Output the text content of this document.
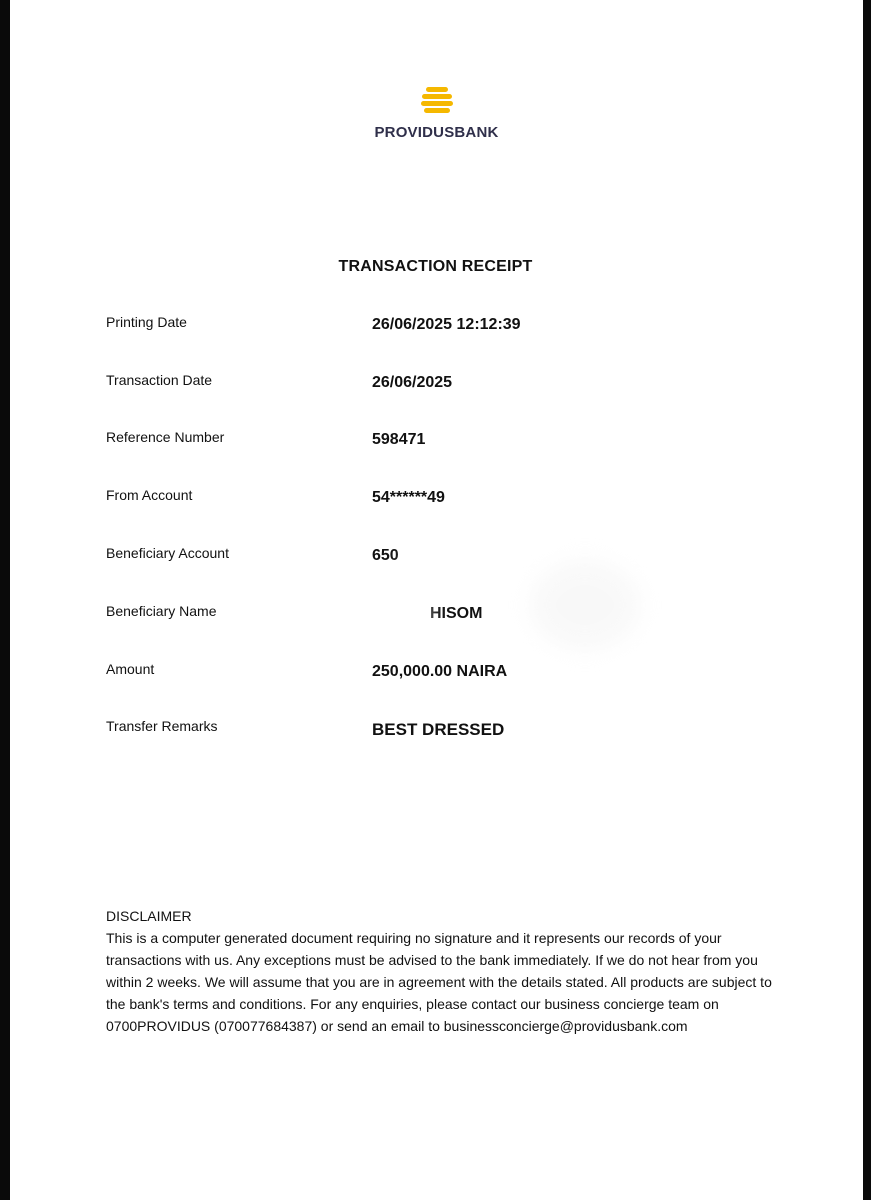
PROVIDUSBANK
TRANSACTION RECEIPT
Printing Date	26/06/2025 12:12:39
Transaction Date	26/06/2025
Reference Number	598471
From Account	54******49
Beneficiary Account	650
Beneficiary Name	HISOM
Amount	250,000.00 NAIRA
Transfer Remarks	BEST DRESSED
DISCLAIMER
This is a computer generated document requiring no signature and it represents our records of your transactions with us. Any exceptions must be advised to the bank immediately. If we do not hear from you within 2 weeks. We will assume that you are in agreement with the details stated. All products are subject to the bank's terms and conditions. For any enquiries, please contact our business concierge team on 0700PROVIDUS (070077684387) or send an email to businessconcierge@providusbank.com
